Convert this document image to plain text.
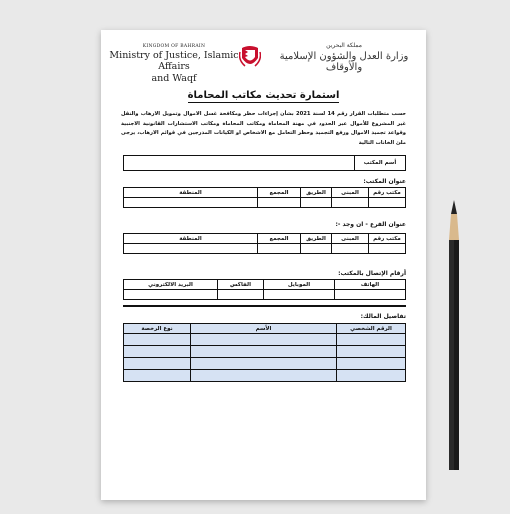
KINGDOM OF BAHRAIN
Ministry of Justice, Islamic Affairs
and Waqf
مملكة البحرين
وزارة العدل والشؤون الإسلامية والأوقاف
استمارة تحديث مكاتب المحاماة
حسب متطلبات القرار رقم 14 لسنة 2021 بشأن إجراءات حظر ومكافحة غسل الاموال وتمويل الارهاب والنقل غير المشروع للأموال عبر الحدود في مهنة المحاماة ومكاتب المحاماة ومكاتب الاستشارات القانونية الاجنبية وقواعد تجميد الاموال ورفع التجميد وحظر التعامل مع الاشخاص او الكيانات المدرجين في قوائم الارهاب، يرجى ملئ الخانات التالية
أسم المكتب	
عنوان المكتب:
مكتب رقم	المبنى	الطريق	المجمع	المنطقة

عنوان الفرع - ان وجد -:
مكتب رقم	المبنى	الطريق	المجمع	المنطقة

أرقام الإتصال بالمكتب:
الهاتف	الموبايل	الفاكس	البريد الالكتروني

تفاصيل المالك:
الرقم الشخصي	الأسم	نوع الرخصة
